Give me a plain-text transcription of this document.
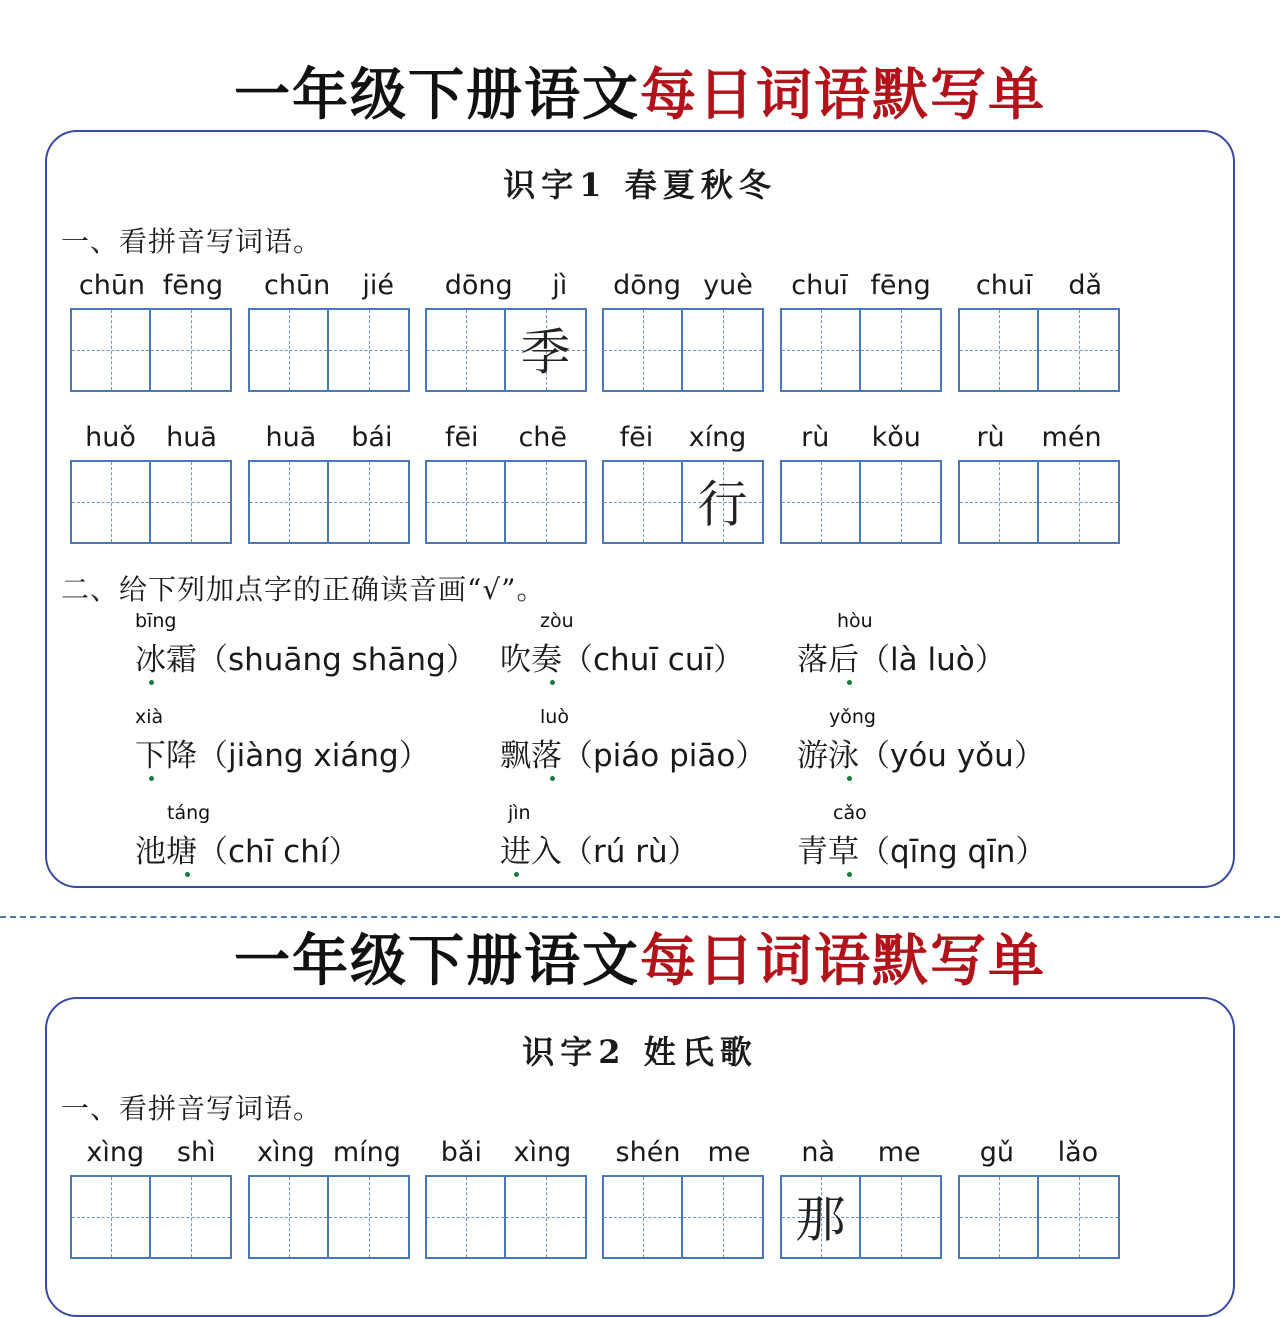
一年级下册语文每日词语默写单
识字1 春夏秋冬
一、看拼音写词语。
chūn fēng chūn jié dōng jì
季
dōng yuè chuī fēng chuī dǎ
huǒ huā huā bái fēi chē fēi xíng
行
rù kǒu rù mén
二、给下列加点字的正确读音画“√”。
bīng
冰霜（shuāng shāng）
zòu
吹奏（chuī cuī）
hòu
落后（là luò）
xià
下降（jiàng xiáng）
luò
飘落（piáo piāo）
yǒng
游泳（yóu yǒu）
táng
池塘（chī chí）
jìn
进入（rú rù）
cǎo
青草（qīng qīn）
一年级下册语文每日词语默写单
识字2 姓氏歌
一、看拼音写词语。
xìng shì xìng míng bǎi xìng shén me nà me
那
gǔ lǎo
